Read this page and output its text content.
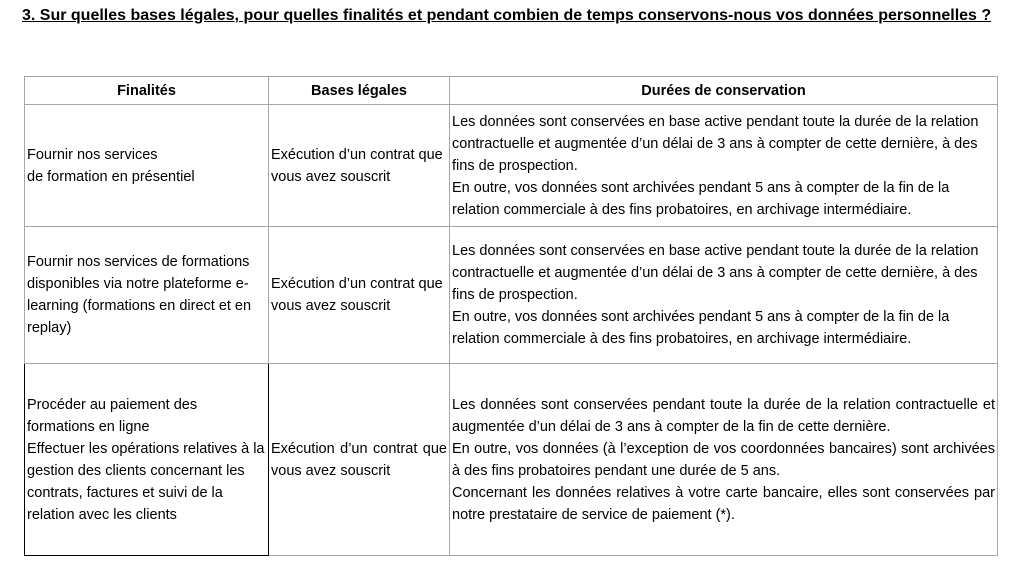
3. Sur quelles bases légales, pour quelles finalités et pendant combien de temps conservons-nous vos données personnelles ?
Finalités	Bases légales	Durées de conservation

Fournir nos services
de formation en présentiel	Exécution d’un contrat que vous avez souscrit	Les données sont conservées en base active pendant toute la durée de la relation contractuelle et augmentée d’un délai de 3 ans à compter de cette dernière, à des fins de prospection.
En outre, vos données sont archivées pendant 5 ans à compter de la fin de la relation commerciale à des fins probatoires, en archivage intermédiaire.

Fournir nos services de formations disponibles via notre plateforme e-learning (formations en direct et en replay)	Exécution d’un contrat que vous avez souscrit	Les données sont conservées en base active pendant toute la durée de la relation contractuelle et augmentée d’un délai de 3 ans à compter de cette dernière, à des fins de prospection.
En outre, vos données sont archivées pendant 5 ans à compter de la fin de la relation commerciale à des fins probatoires, en archivage intermédiaire.

Procéder au paiement des formations en ligne
Effectuer les opérations relatives à la gestion des clients concernant les contrats, factures et suivi de la relation avec les clients	Exécution d’un contrat que vous avez souscrit	Les données sont conservées pendant toute la durée de la relation contractuelle et augmentée d’un délai de 3 ans à compter de la fin de cette dernière.
En outre, vos données (à l’exception de vos coordonnées bancaires) sont archivées à des fins probatoires pendant une durée de 5 ans.
Concernant les données relatives à votre carte bancaire, elles sont conservées par notre prestataire de service de paiement (*).
